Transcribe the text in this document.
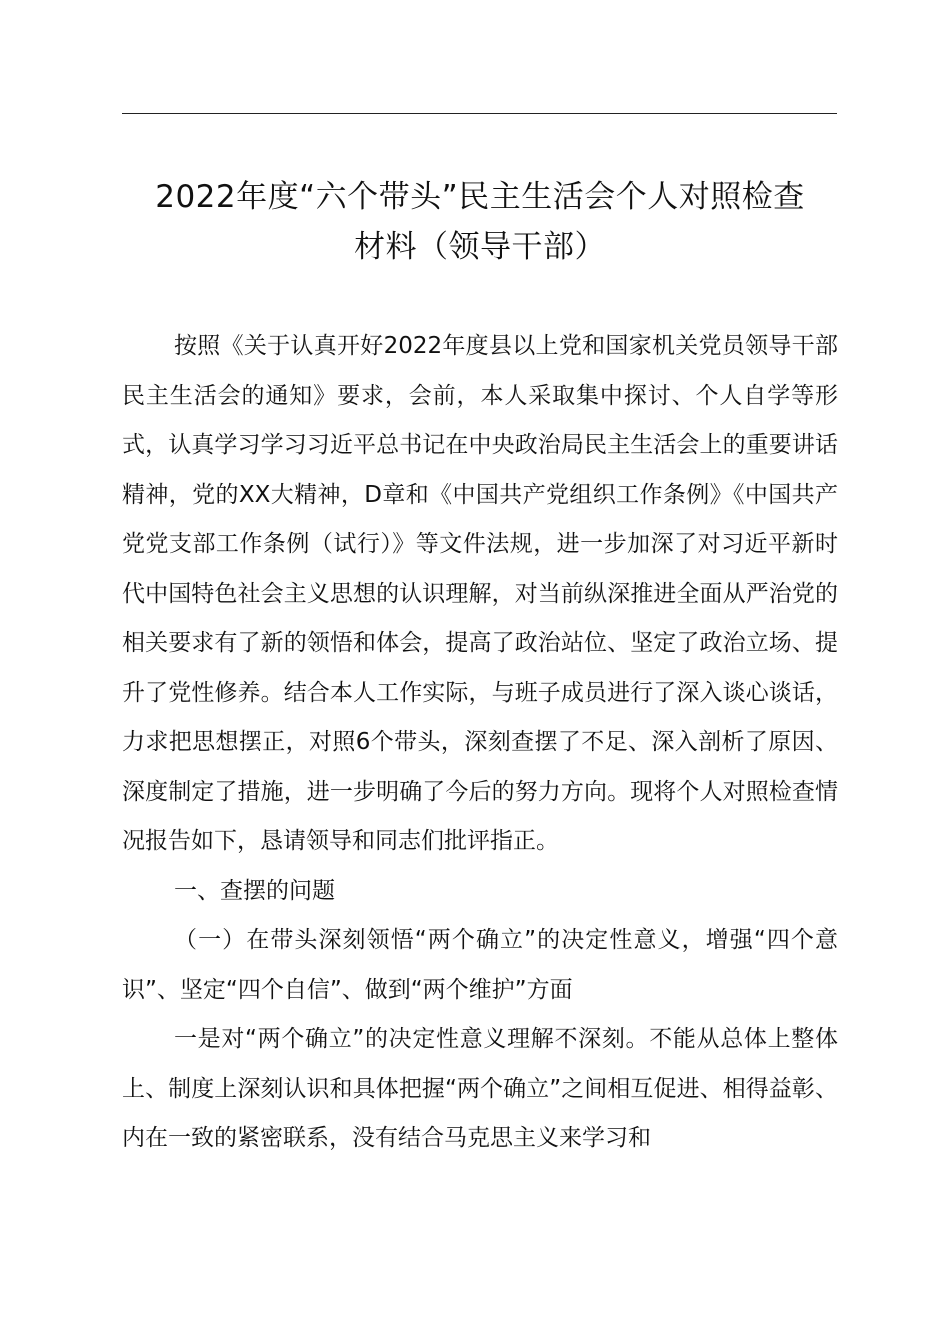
2022年度“六个带头”民主生活会个人对照检查
材料（领导干部）

按照《关于认真开好2022年度县以上党和国家机关党员领导干部民主生活会的通知》要求，会前，本人采取集中探讨、个人自学等形式，认真学习学习习近平总书记在中央政治局民主生活会上的重要讲话精神，党的XX大精神，D章和《中国共产党组织工作条例》《中国共产党党支部工作条例（试行）》等文件法规，进一步加深了对习近平新时代中国特色社会主义思想的认识理解，对当前纵深推进全面从严治党的相关要求有了新的领悟和体会，提高了政治站位、坚定了政治立场、提升了党性修养。结合本人工作实际，与班子成员进行了深入谈心谈话，力求把思想摆正，对照6个带头，深刻查摆了不足、深入剖析了原因、深度制定了措施，进一步明确了今后的努力方向。现将个人对照检查情况报告如下，恳请领导和同志们批评指正。

一、查摆的问题

（一）在带头深刻领悟“两个确立”的决定性意义，增强“四个意识”、坚定“四个自信”、做到“两个维护”方面

一是对“两个确立”的决定性意义理解不深刻。不能从总体上整体上、制度上深刻认识和具体把握“两个确立”之间相互促进、相得益彰、内在一致的紧密联系，没有结合马克思主义来学习和
